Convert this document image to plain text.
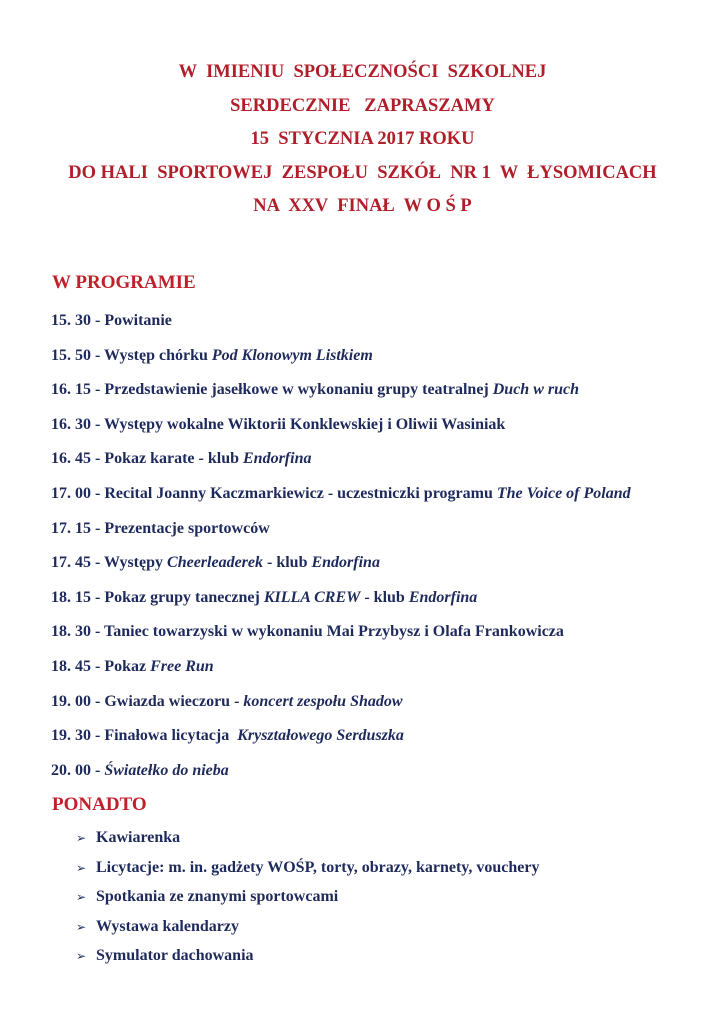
W  IMIENIU  SPOŁECZNOŚCI  SZKOLNEJ
SERDECZNIE   ZAPRASZAMY
15  STYCZNIA 2017 ROKU
DO HALI  SPORTOWEJ  ZESPOŁU  SZKÓŁ  NR 1  W  ŁYSOMICACH
NA  XXV  FINAŁ  W O Ś P
W PROGRAMIE
15. 30 - Powitanie
15. 50 - Występ chórku Pod Klonowym Listkiem
16. 15 - Przedstawienie jasełkowe w wykonaniu grupy teatralnej Duch w ruch
16. 30 - Występy wokalne Wiktorii Konklewskiej i Oliwii Wasiniak
16. 45 - Pokaz karate - klub Endorfina
17. 00 - Recital Joanny Kaczmarkiewicz - uczestniczki programu The Voice of Poland
17. 15 - Prezentacje sportowców
17. 45 - Występy Cheerleaderek - klub Endorfina
18. 15 - Pokaz grupy tanecznej KILLA CREW - klub Endorfina
18. 30 - Taniec towarzyski w wykonaniu Mai Przybysz i Olafa Frankowicza
18. 45 - Pokaz Free Run
19. 00 - Gwiazda wieczoru - koncert zespołu Shadow
19. 30 - Finałowa licytacja  Kryształowego Serduszka
20. 00 - Światełko do nieba
PONADTO
➢ Kawiarenka
➢ Licytacje: m. in. gadżety WOŚP, torty, obrazy, karnety, vouchery
➢ Spotkania ze znanymi sportowcami
➢ Wystawa kalendarzy
➢ Symulator dachowania
